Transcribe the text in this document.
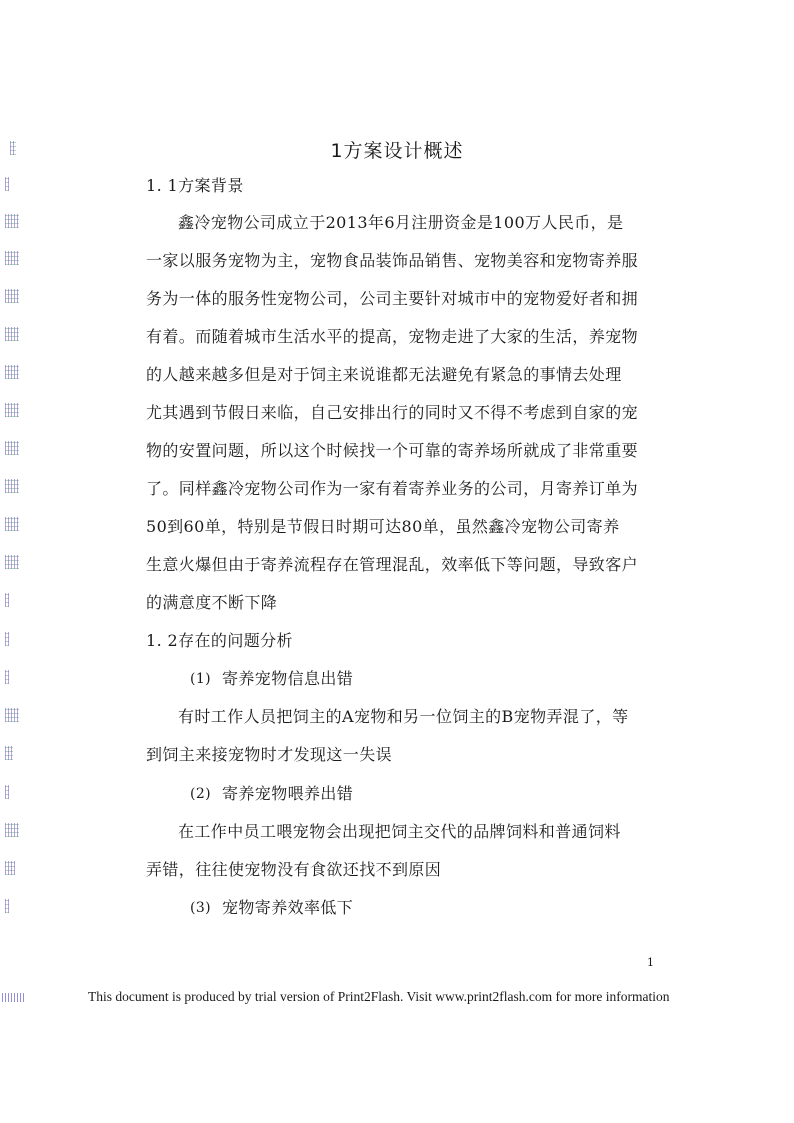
1方案设计概述
1. 1方案背景
鑫冷宠物公司成立于2013年6月注册资金是100万人民币，是
一家以服务宠物为主，宠物食品装饰品销售、宠物美容和宠物寄养服
务为一体的服务性宠物公司，公司主要针对城市中的宠物爱好者和拥
有着。而随着城市生活水平的提高，宠物走进了大家的生活，养宠物
的人越来越多但是对于饲主来说谁都无法避免有紧急的事情去处理
尤其遇到节假日来临，自己安排出行的同时又不得不考虑到自家的宠
物的安置问题，所以这个时候找一个可靠的寄养场所就成了非常重要
了。同样鑫冷宠物公司作为一家有着寄养业务的公司，月寄养订单为
50到60单，特别是节假日时期可达80单，虽然鑫冷宠物公司寄养
生意火爆但由于寄养流程存在管理混乱，效率低下等问题，导致客户
的满意度不断下降
1. 2存在的问题分析
(1) 寄养宠物信息出错
有时工作人员把饲主的A宠物和另一位饲主的B宠物弄混了，等
到饲主来接宠物时才发现这一失误
(2) 寄养宠物喂养出错
在工作中员工喂宠物会出现把饲主交代的品牌饲料和普通饲料
弄错，往往使宠物没有食欲还找不到原因
(3) 宠物寄养效率低下
1
This document is produced by trial version of Print2Flash. Visit www.print2flash.com for more information
